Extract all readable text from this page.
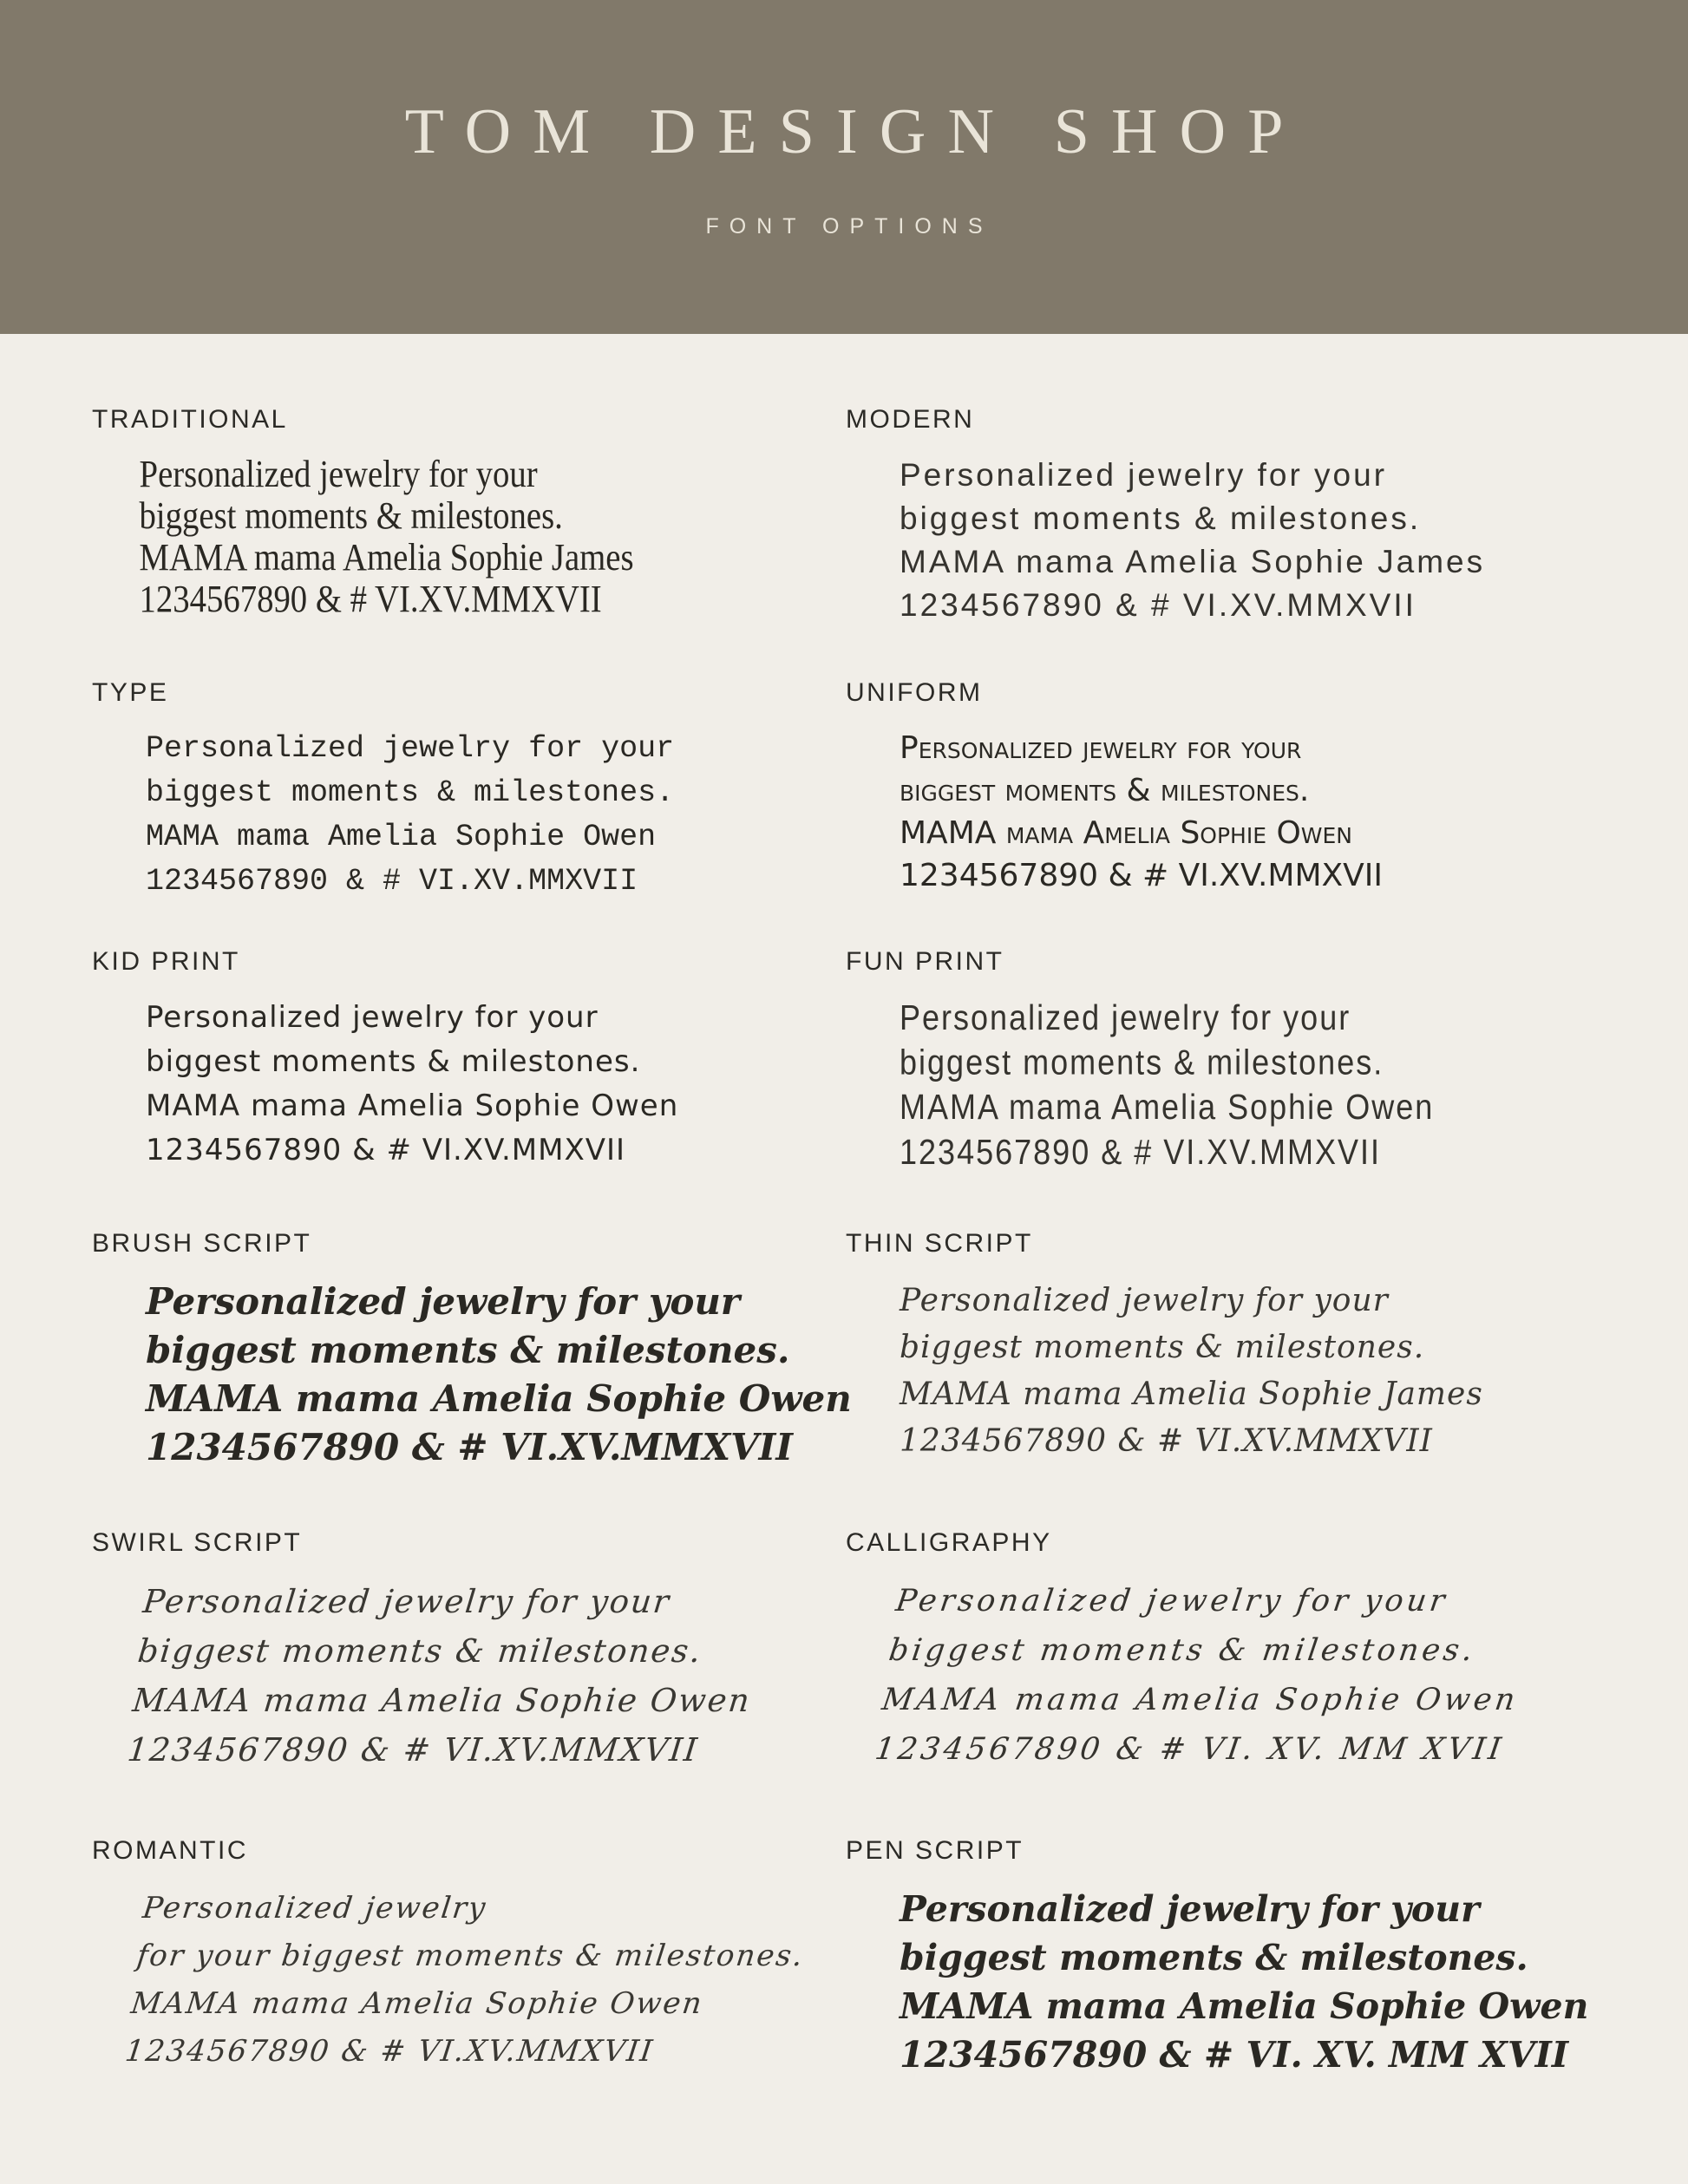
TOM DESIGN SHOP
FONT OPTIONS
TRADITIONAL
Personalized jewelry for your
biggest moments & milestones.
MAMA mama Amelia Sophie James
1234567890 & # VI.XV.MMXVII
MODERN
Personalized jewelry for your
biggest moments & milestones.
MAMA mama Amelia Sophie James
1234567890 & # VI.XV.MMXVII
TYPE
Personalized jewelry for your
biggest moments & milestones.
MAMA mama Amelia Sophie Owen
1234567890 & # VI.XV.MMXVII
UNIFORM
Personalized jewelry for your
biggest moments & milestones.
MAMA mama Amelia Sophie Owen
1234567890 & # VI.XV.MMXVII
KID PRINT
Personalized jewelry for your
biggest moments & milestones.
MAMA mama Amelia Sophie Owen
1234567890 & # VI.XV.MMXVII
FUN PRINT
Personalized jewelry for your
biggest moments & milestones.
MAMA mama Amelia Sophie Owen
1234567890 & # VI.XV.MMXVII
BRUSH SCRIPT
Personalized jewelry for your
biggest moments & milestones.
MAMA mama Amelia Sophie Owen
1234567890 & # VI.XV.MMXVII
THIN SCRIPT
Personalized jewelry for your
biggest moments & milestones.
MAMA mama Amelia Sophie James
1234567890 & # VI.XV.MMXVII
SWIRL SCRIPT
Personalized jewelry for your
biggest moments & milestones.
MAMA mama Amelia Sophie Owen
1234567890 & # VI.XV.MMXVII
CALLIGRAPHY
Personalized jewelry for your
biggest moments & milestones.
MAMA mama Amelia Sophie Owen
1234567890 & # VI. XV. MM XVII
ROMANTIC
Personalized jewelry
for your biggest moments & milestones.
MAMA mama Amelia Sophie Owen
1234567890 & # VI.XV.MMXVII
PEN SCRIPT
Personalized jewelry for your
biggest moments & milestones.
MAMA mama Amelia Sophie Owen
1234567890 & # VI. XV. MM XVII
